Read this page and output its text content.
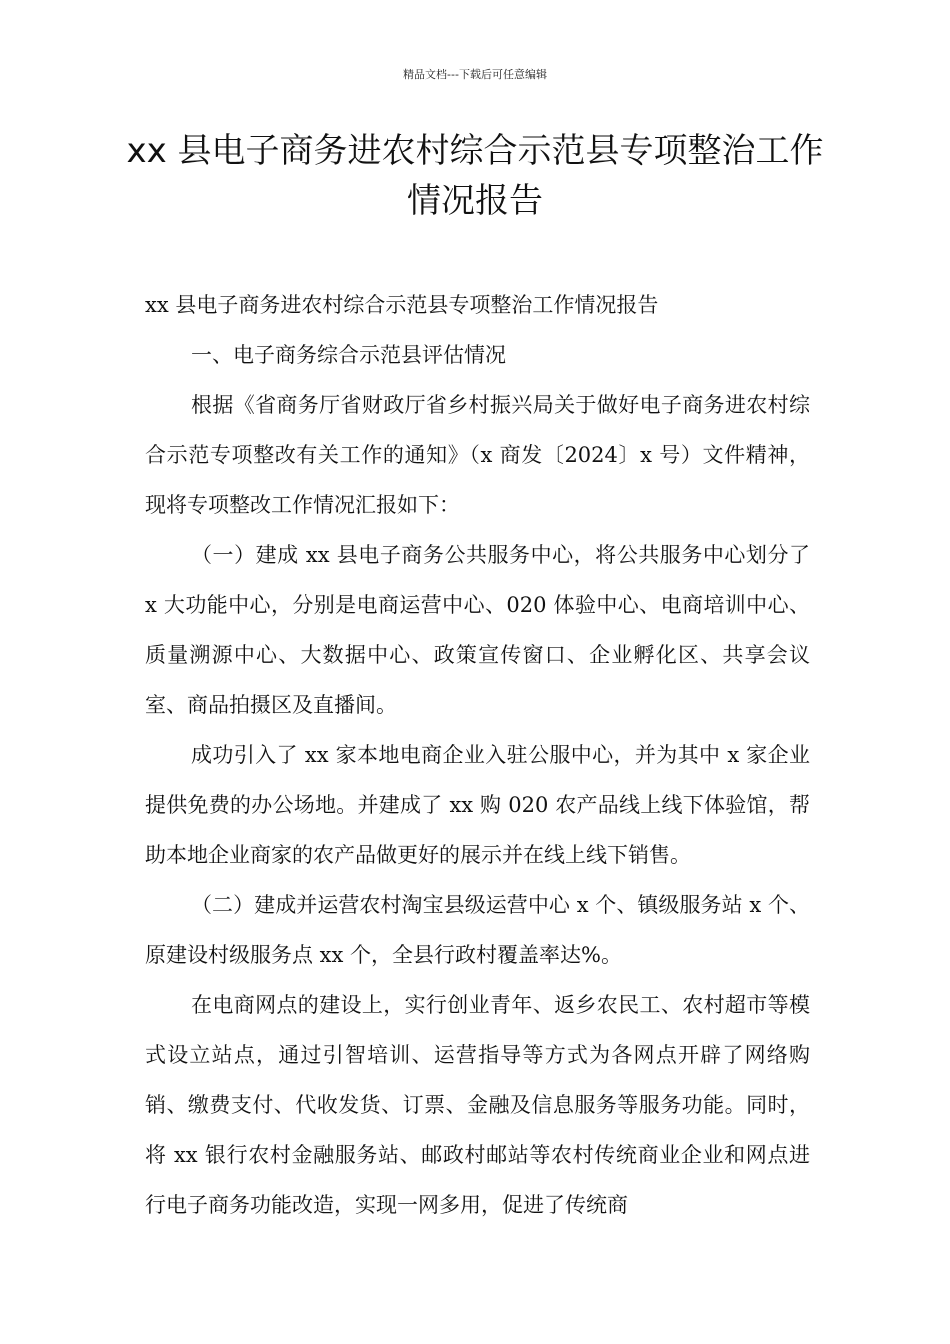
精品文档---下载后可任意编辑
xx 县电子商务进农村综合示范县专项整治工作情况报告

xx 县电子商务进农村综合示范县专项整治工作情况报告

一、电子商务综合示范县评估情况

根据《省商务厅省财政厅省乡村振兴局关于做好电子商务进农村综合示范专项整改有关工作的通知》（x 商发〔2024〕x 号）文件精神，现将专项整改工作情况汇报如下：

（一）建成 xx 县电子商务公共服务中心，将公共服务中心划分了 x 大功能中心，分别是电商运营中心、020 体验中心、电商培训中心、质量溯源中心、大数据中心、政策宣传窗口、企业孵化区、共享会议室、商品拍摄区及直播间。

成功引入了 xx 家本地电商企业入驻公服中心，并为其中 x 家企业提供免费的办公场地。并建成了 xx 购 020 农产品线上线下体验馆，帮助本地企业商家的农产品做更好的展示并在线上线下销售。

（二）建成并运营农村淘宝县级运营中心 x 个、镇级服务站 x 个、原建设村级服务点 xx 个，全县行政村覆盖率达%。

在电商网点的建设上，实行创业青年、返乡农民工、农村超市等模式设立站点，通过引智培训、运营指导等方式为各网点开辟了网络购销、缴费支付、代收发货、订票、金融及信息服务等服务功能。同时，将 xx 银行农村金融服务站、邮政村邮站等农村传统商业企业和网点进行电子商务功能改造，实现一网多用，促进了传统商
